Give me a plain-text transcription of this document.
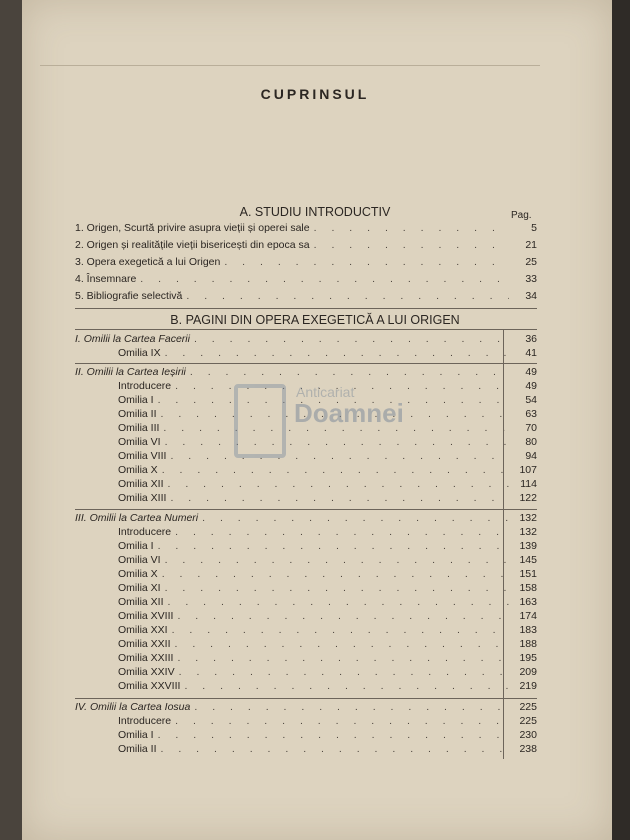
CUPRINSUL
A. STUDIU INTRODUCTIV	Pag.
1. Origen, Scurtă privire asupra vieții și operei sale . . .	5
2. Origen și realitățile vieții bisericești din epoca sa . . .	21
3. Opera exegetică a lui Origen . . .	25
4. Însemnare . . .	33
5. Bibliografie selectivă . . .	34
B. PAGINI DIN OPERA EXEGETICĂ A LUI ORIGEN
I. Omilii la Cartea Facerii . . .	36
Omilia IX . . .	41
II. Omilii la Cartea Ieșirii . . .	49
Introducere . . .	49
Omilia I . . .	54
Omilia II . . .	63
Omilia III . . .	70
Omilia VI . . .	80
Omilia VIII . . .	94
Omilia X . . .	107
Omilia XII . . .	114
Omilia XIII . . .	122
III. Omilii la Cartea Numeri . . .	132
Introducere . . .	132
Omilia I . . .	139
Omilia VI . . .	145
Omilia X . . .	151
Omilia XI . . .	158
Omilia XII . . .	163
Omilia XVIII . . .	174
Omilia XXI . . .	183
Omilia XXII . . .	188
Omilia XXIII . . .	195
Omilia XXIV . . .	209
Omilia XXVIII . . .	219
IV. Omilii la Cartea Iosua . . .	225
Introducere . . .	225
Omilia I . . .	230
Omilia II . . .	238
Anticariat
Doamnei
